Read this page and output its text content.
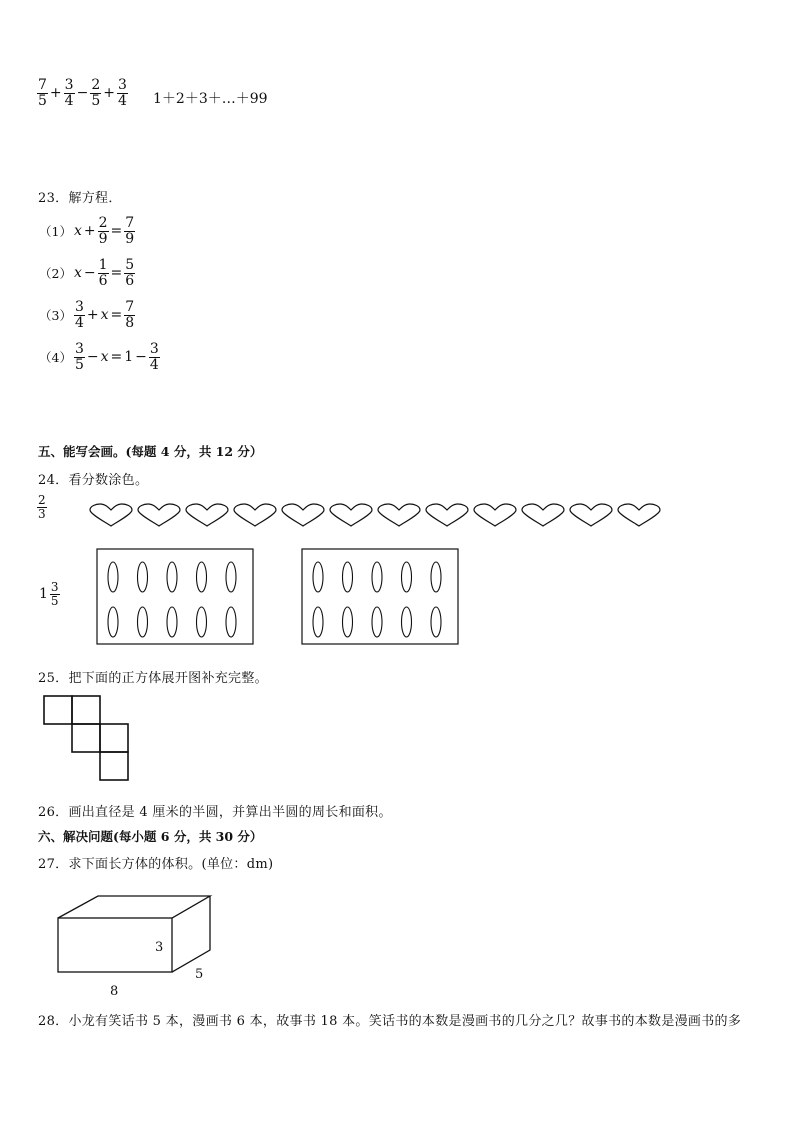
$\frac{7}{5} + \frac{3}{4} - \frac{2}{5} + \frac{3}{4}$ 1＋2＋3＋…＋99
23．解方程．
（1） $x + \frac{2}{9} = \frac{7}{9}$
（2） $x - \frac{1}{6} = \frac{5}{6}$
$(3) \frac{3}{4} + x = \frac{7}{8}$
$(4) \frac{3}{5} - x = 1 - \frac{3}{4}$
五、能写会画。(每题 4 分，共 12 分）
24．看分数涂色。
$\frac{2}{3}$
$1 \frac{3}{5}$
25．把下面的正方体展开图补充完整。
26．画出直径是 4 厘米的半圆，并算出半圆的周长和面积。
六、解决问题(每小题 6 分，共 30 分）
27．求下面长方体的体积。(单位：dm)
3
5
8
28．小龙有笑话书 5 本，漫画书 6 本，故事书 18 本。笑话书的本数是漫画书的几分之几？故事书的本数是漫画书的多
